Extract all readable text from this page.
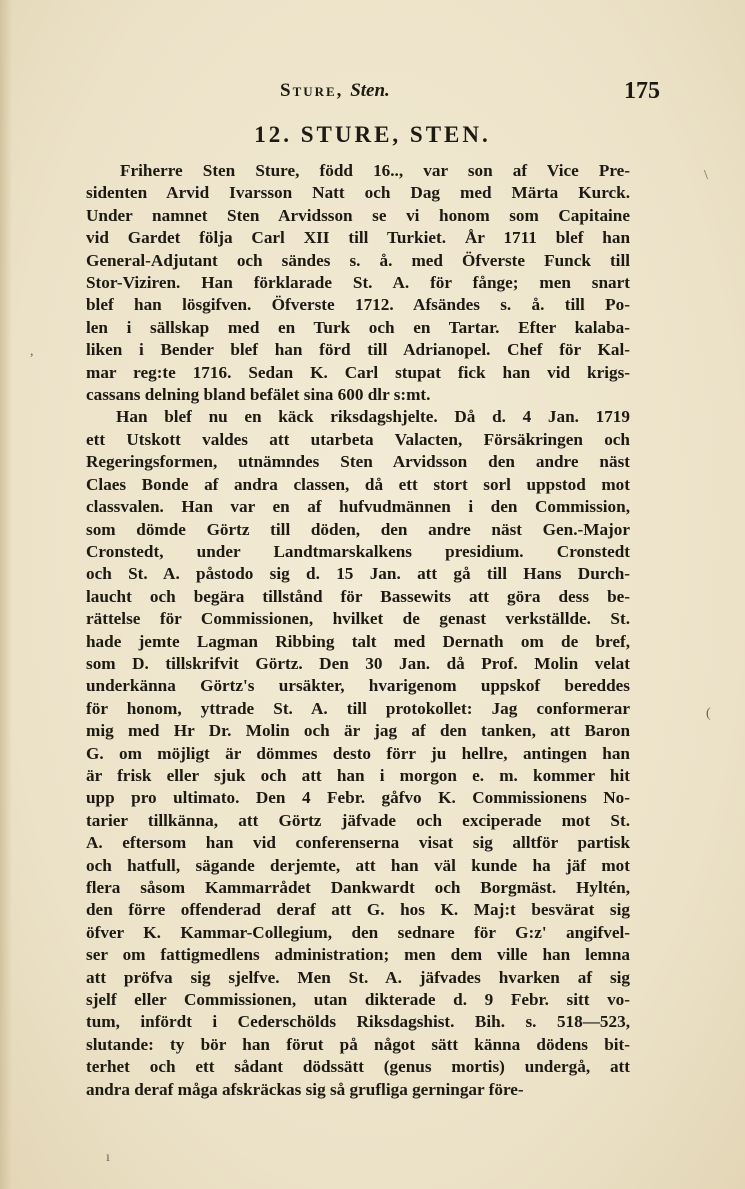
Sture, Sten.	175
12. STURE, STEN.
Friherre Sten Sture, född 16.., var son af Vice Pre-
sidenten Arvid Ivarsson Natt och Dag med Märta Kurck.
Under namnet Sten Arvidsson se vi honom som Capitaine
vid Gardet följa Carl XII till Turkiet. År 1711 blef han
General-Adjutant och sändes s. å. med Öfverste Funck till
Stor-Viziren. Han förklarade St. A. för fånge; men snart
blef han lösgifven. Öfverste 1712. Afsändes s. å. till Po-
len i sällskap med en Turk och en Tartar. Efter kalaba-
liken i Bender blef han förd till Adrianopel. Chef för Kal-
mar reg:te 1716. Sedan K. Carl stupat fick han vid krigs-
cassans delning bland befälet sina 600 dlr s:mt.
Han blef nu en käck riksdagshjelte. Då d. 4 Jan. 1719
ett Utskott valdes att utarbeta Valacten, Försäkringen och
Regeringsformen, utnämndes Sten Arvidsson den andre näst
Claes Bonde af andra classen, då ett stort sorl uppstod mot
classvalen. Han var en af hufvudmännen i den Commission,
som dömde Görtz till döden, den andre näst Gen.-Major
Cronstedt, under Landtmarskalkens presidium. Cronstedt
och St. A. påstodo sig d. 15 Jan. att gå till Hans Durch-
laucht och begära tillstånd för Bassewits att göra dess be-
rättelse för Commissionen, hvilket de genast verkställde. St.
hade jemte Lagman Ribbing talt med Dernath om de bref,
som D. tillskrifvit Görtz. Den 30 Jan. då Prof. Molin velat
underkänna Görtz's ursäkter, hvarigenom uppskof bereddes
för honom, yttrade St. A. till protokollet: Jag conformerar
mig med Hr Dr. Molin och är jag af den tanken, att Baron
G. om möjligt är dömmes desto förr ju hellre, antingen han
är frisk eller sjuk och att han i morgon e. m. kommer hit
upp pro ultimato. Den 4 Febr. gåfvo K. Commissionens No-
tarier tillkänna, att Görtz jäfvade och exciperade mot St.
A. eftersom han vid conferenserna visat sig alltför partisk
och hatfull, sägande derjemte, att han väl kunde ha jäf mot
flera såsom Kammarrådet Dankwardt och Borgmäst. Hyltén,
den förre offenderad deraf att G. hos K. Maj:t besvärat sig
öfver K. Kammar-Collegium, den sednare för G:z' angifvel-
ser om fattigmedlens administration; men dem ville han lemna
att pröfva sig sjelfve. Men St. A. jäfvades hvarken af sig
sjelf eller Commissionen, utan dikterade d. 9 Febr. sitt vo-
tum, infördt i Cederschölds Riksdagshist. Bih. s. 518—523,
slutande: ty bör han förut på något sätt känna dödens bit-
terhet och ett sådant dödssätt (genus mortis) undergå, att
andra deraf måga afskräckas sig så grufliga gerningar före-
\
,
(
ı
